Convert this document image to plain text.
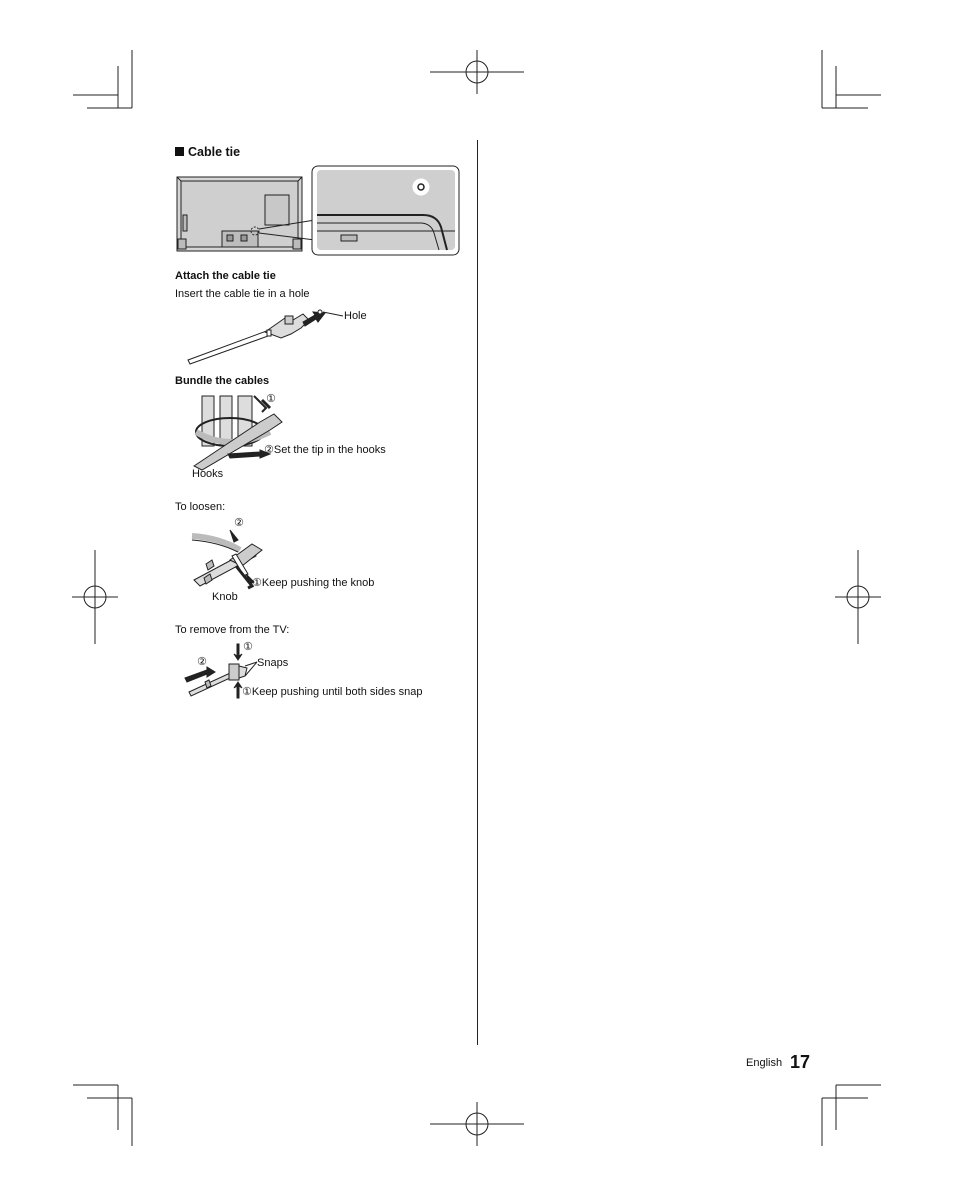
Cable tie
Attach the cable tie
Insert the cable tie in a hole
Hole
Bundle the cables
①
②Set the tip in the hooks
Hooks
To loosen:
②
①Keep pushing the knob
Knob
To remove from the TV:
①
②	Snaps
①Keep pushing until both sides snap
English 17
